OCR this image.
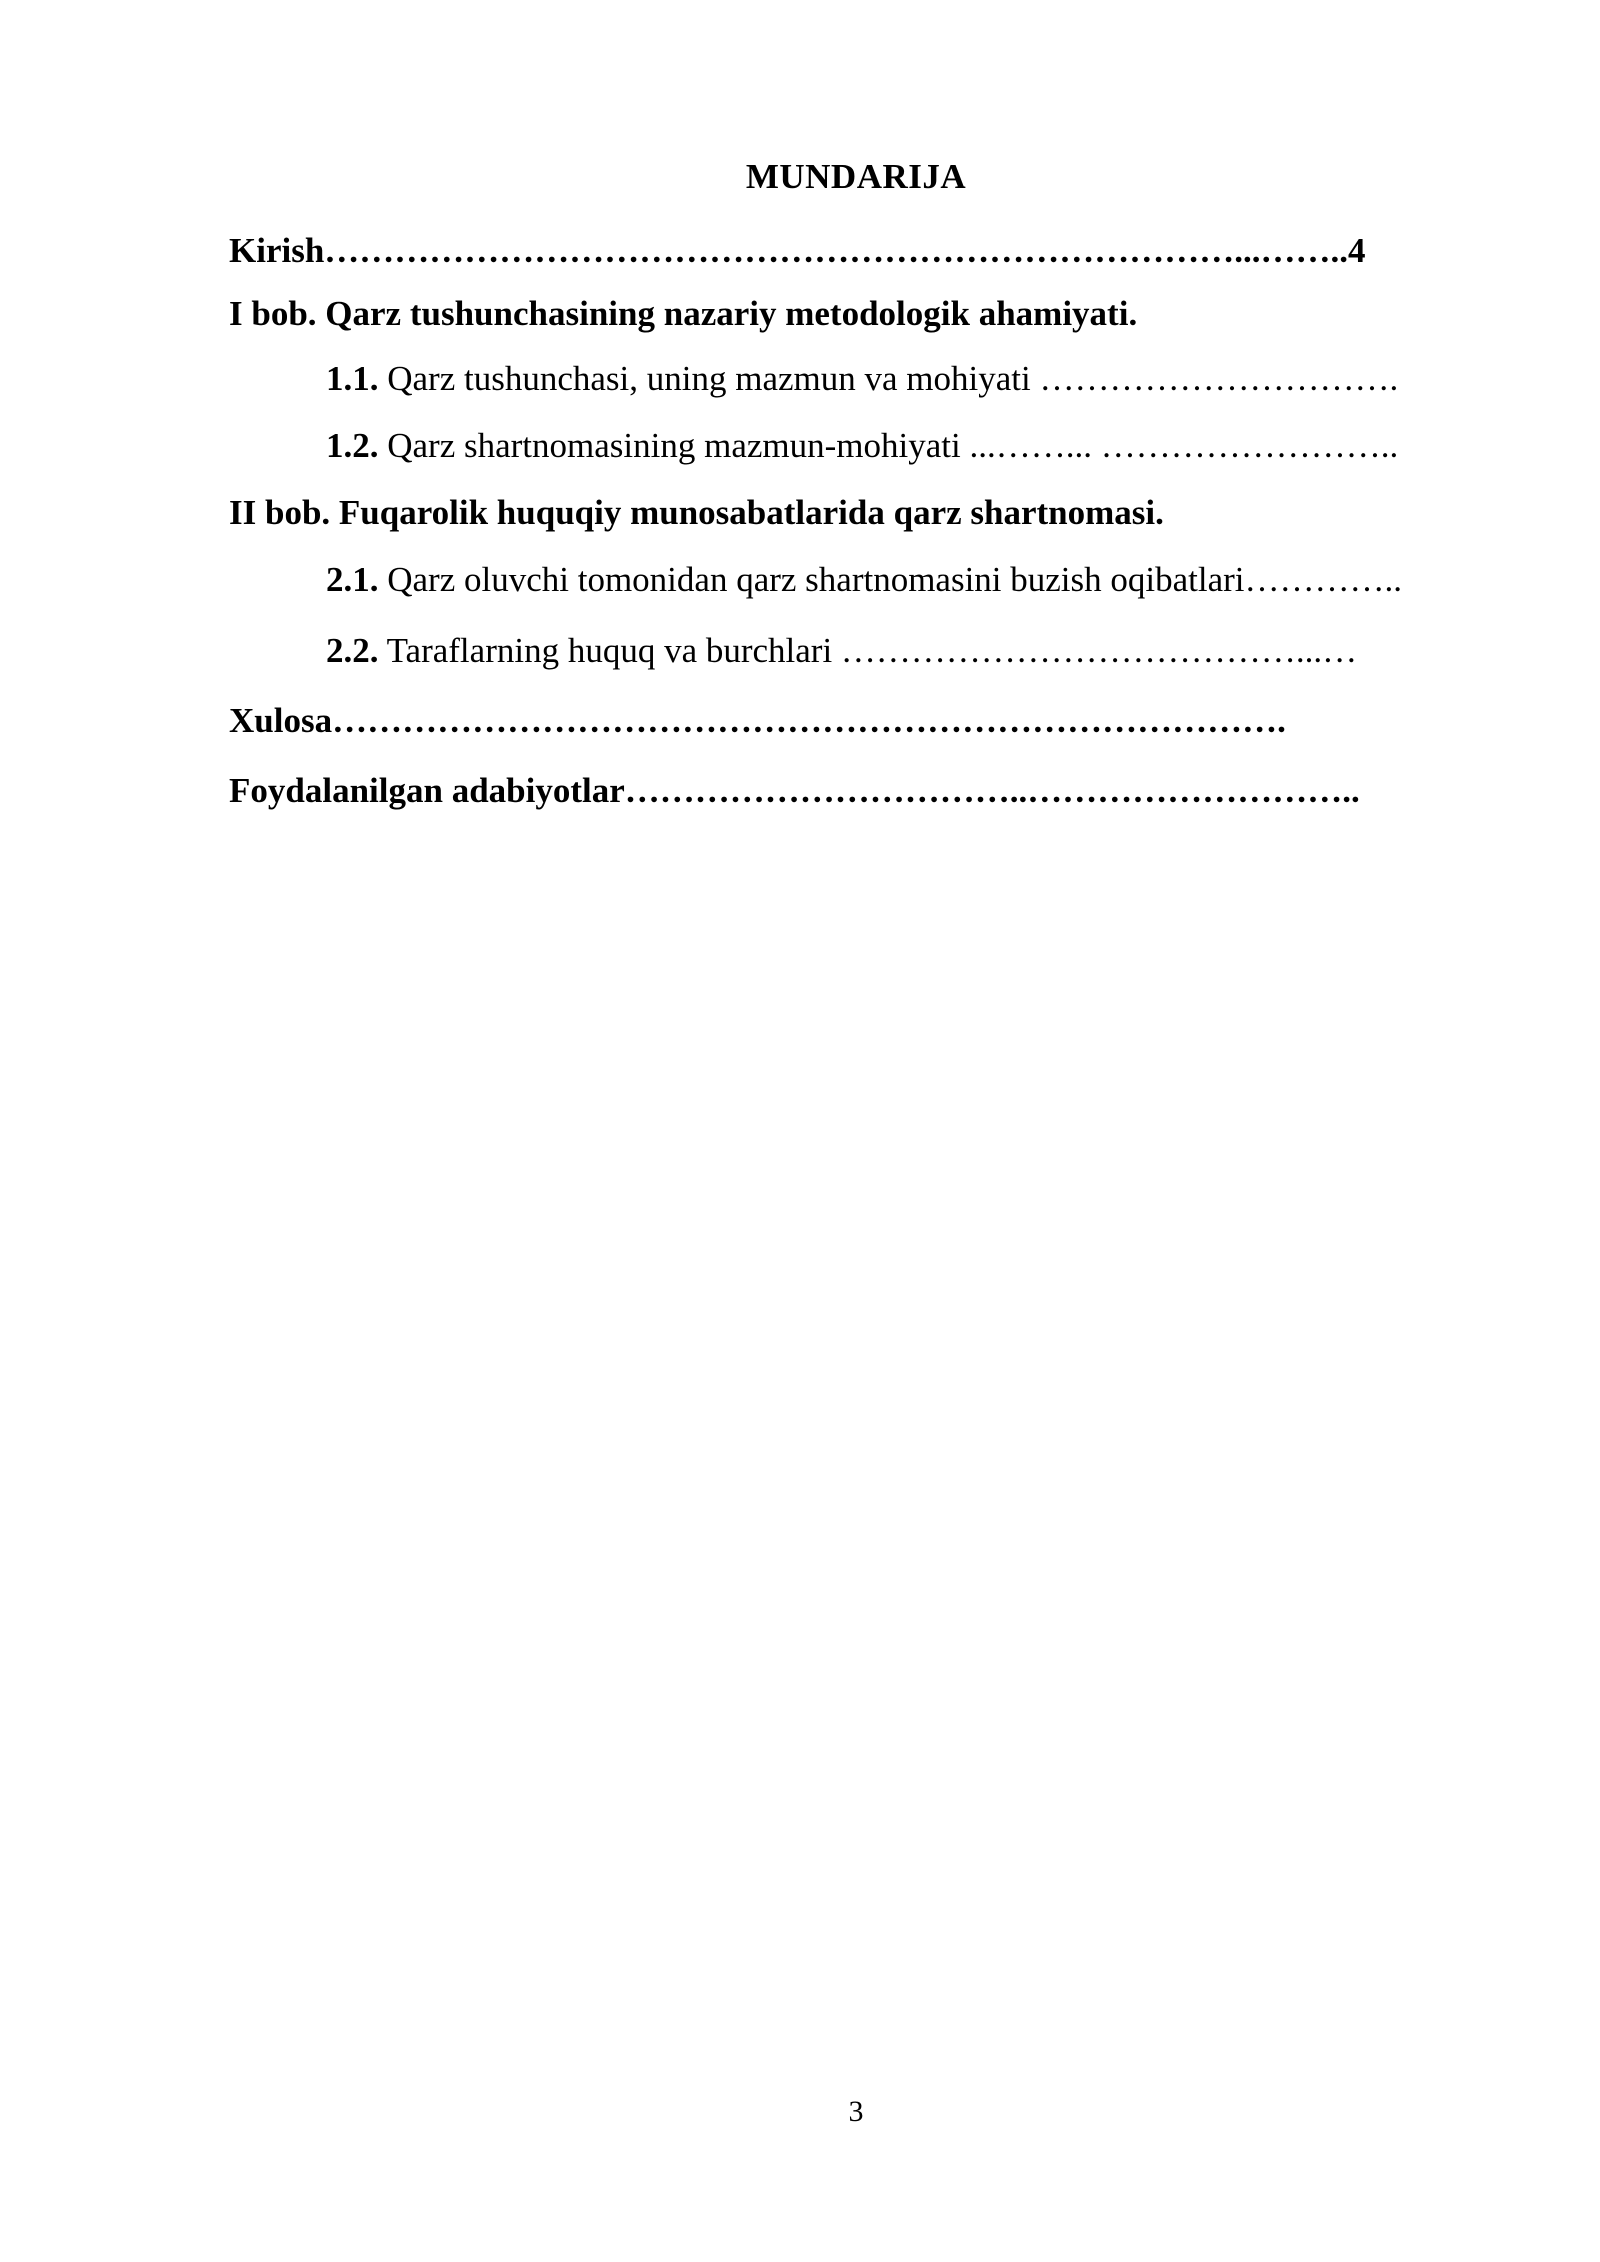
MUNDARIJA
Kirish……………………………………………………………………...……..4
I bob. Qarz tushunchasining nazariy metodologik ahamiyati.
1.1. Qarz tushunchasi, uning mazmun va mohiyati ………………………….
1.2. Qarz shartnomasining mazmun-mohiyati ...……... ……………………..
II bob. Fuqarolik huquqiy munosabatlarida qarz shartnomasi.
2.1. Qarz oluvchi tomonidan qarz shartnomasini buzish oqibatlari…………..
2.2. Taraflarning huquq va burchlari …………………………………...…
Xulosa……………………………………………………………………….
Foydalanilgan adabiyotlar……………………………..………………………..
3
